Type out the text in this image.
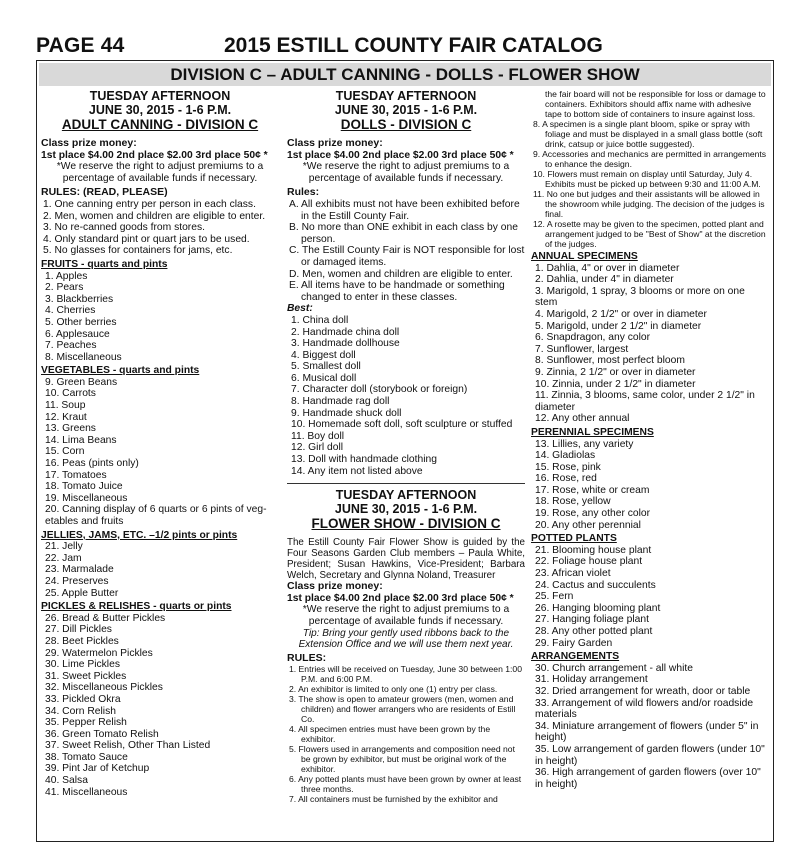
PAGE 44	2015 ESTILL COUNTY FAIR CATALOG
DIVISION C – ADULT CANNING - DOLLS - FLOWER SHOW
TUESDAY AFTERNOON
JUNE 30, 2015 - 1-6 P.M.
ADULT CANNING - DIVISION C
Class prize money:
1st place $4.00 2nd place $2.00 3rd place 50¢ *
*We reserve the right to adjust premiums to a percentage of available funds if necessary.
RULES: (READ, PLEASE)
1. One canning entry per person in each class.
2. Men, women and children are eligible to enter.
3. No re-canned goods from stores.
4. Only standard pint or quart jars to be used.
5. No glasses for containers for jams, etc.
FRUITS - quarts and pints
1. Apples
2. Pears
3. Blackberries
4. Cherries
5. Other berries
6. Applesauce
7. Peaches
8. Miscellaneous
VEGETABLES - quarts and pints
9. Green Beans
10. Carrots
11. Soup
12. Kraut
13. Greens
14. Lima Beans
15. Corn
16. Peas (pints only)
17. Tomatoes
18. Tomato Juice
19. Miscellaneous
20. Canning display of 6 quarts or 6 pints of veg-etables and fruits
JELLIES, JAMS, ETC. –1/2 pints or pints
21. Jelly
22. Jam
23. Marmalade
24. Preserves
25. Apple Butter
PICKLES & RELISHES - quarts or pints
26. Bread & Butter Pickles
27. Dill Pickles
28. Beet Pickles
29. Watermelon Pickles
30. Lime Pickles
31. Sweet Pickles
32. Miscellaneous Pickles
33. Pickled Okra
34. Corn Relish
35. Pepper Relish
36. Green Tomato Relish
37. Sweet Relish, Other Than Listed
38. Tomato Sauce
39. Pint Jar of Ketchup
40. Salsa
41. Miscellaneous
TUESDAY AFTERNOON
JUNE 30, 2015 - 1-6 P.M.
DOLLS - DIVISION C
Class prize money:
1st place $4.00 2nd place $2.00 3rd place 50¢ *
*We reserve the right to adjust premiums to a percentage of available funds if necessary.
Rules:
A. All exhibits must not have been exhibited before in the Estill County Fair.
B. No more than ONE exhibit in each class by one person.
C. The Estill County Fair is NOT responsible for lost or damaged items.
D. Men, women and children are eligible to enter.
E. All items have to be handmade or something changed to enter in these classes.
Best:
1. China doll
2. Handmade china doll
3. Handmade dollhouse
4. Biggest doll
5. Smallest doll
6. Musical doll
7. Character doll (storybook or foreign)
8. Handmade rag doll
9. Handmade shuck doll
10. Homemade soft doll, soft sculpture or stuffed
11. Boy doll
12. Girl doll
13. Doll with handmade clothing
14. Any item not listed above
TUESDAY AFTERNOON
JUNE 30, 2015 - 1-6 P.M.
FLOWER SHOW - DIVISION C
The Estill County Fair Flower Show is guided by the Four Seasons Garden Club members – Paula White, President; Susan Hawkins, Vice-President; Barbara Welch, Secretary and Glynna Noland, Treasurer
Class prize money:
1st place $4.00 2nd place $2.00 3rd place 50¢ *
*We reserve the right to adjust premiums to a percentage of available funds if necessary.
Tip: Bring your gently used ribbons back to the Extension Office and we will use them next year.
RULES:
1. Entries will be received on Tuesday, June 30 between 1:00 P.M. and 6:00 P.M.
2. An exhibitor is limited to only one (1) entry per class.
3. The show is open to amateur growers (men, women and children) and flower arrangers who are residents of Estill Co.
4. All specimen entries must have been grown by the exhibitor.
5. Flowers used in arrangements and composition need not be grown by exhibitor, but must be original work of the exhibitor.
6. Any potted plants must have been grown by owner at least three months.
7. All containers must be furnished by the exhibitor and
the fair board will not be responsible for loss or damage to containers. Exhibitors should affix name with adhesive tape to bottom side of containers to insure against loss.
8. A specimen is a single plant bloom, spike or spray with foliage and must be displayed in a small glass bottle (soft drink, catsup or juice bottle suggested).
9. Accessories and mechanics are permitted in arrangements to enhance the design.
10. Flowers must remain on display until Saturday, July 4. Exhibits must be picked up between 9:30 and 11:00 A.M.
11. No one but judges and their assistants will be allowed in the showroom while judging. The decision of the judges is final.
12. A rosette may be given to the specimen, potted plant and arrangement judged to be "Best of Show" at the discretion of the judges.
ANNUAL SPECIMENS
1. Dahlia, 4" or over in diameter
2. Dahlia, under 4" in diameter
3. Marigold, 1 spray, 3 blooms or more on one stem
4. Marigold, 2 1/2" or over in diameter
5. Marigold, under 2 1/2" in diameter
6. Snapdragon, any color
7. Sunflower, largest
8. Sunflower, most perfect bloom
9. Zinnia, 2 1/2" or over in diameter
10. Zinnia, under 2 1/2" in diameter
11. Zinnia, 3 blooms, same color, under 2 1/2" in diameter
12. Any other annual
PERENNIAL SPECIMENS
13. Lillies, any variety
14. Gladiolas
15. Rose, pink
16. Rose, red
17. Rose, white or cream
18. Rose, yellow
19. Rose, any other color
20. Any other perennial
POTTED PLANTS
21. Blooming house plant
22. Foliage house plant
23. African violet
24. Cactus and succulents
25. Fern
26. Hanging blooming plant
27. Hanging foliage plant
28. Any other potted plant
29. Fairy Garden
ARRANGEMENTS
30. Church arrangement - all white
31. Holiday arrangement
32. Dried arrangement for wreath, door or table
33. Arrangement of wild flowers and/or roadside materials
34. Miniature arrangement of flowers (under 5" in height)
35. Low arrangement of garden flowers (under 10" in height)
36. High arrangement of garden flowers (over 10" in height)
